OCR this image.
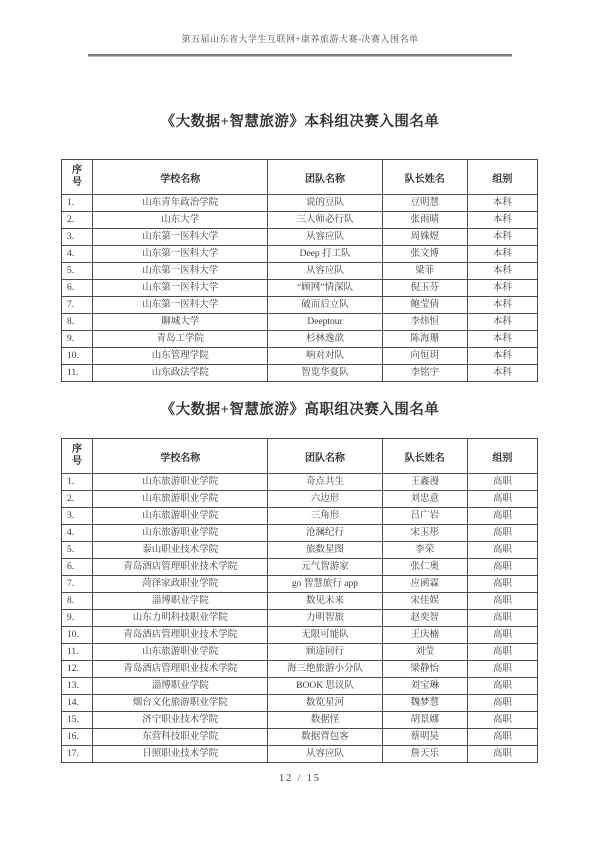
第五届山东省大学生互联网+康养旅游大赛-决赛入围名单
《大数据+智慧旅游》本科组决赛入围名单
序号	学校名称	团队名称	队长姓名	组别
1.	山东青年政治学院	说的豆队	豆明慧	本科
2.	山东大学	三人师必行队	张雨晴	本科
3.	山东第一医科大学	从容应队	周姝煜	本科
4.	山东第一医科大学	Deep 打工队	张文博	本科
5.	山东第一医科大学	从容应队	梁菲	本科
6.	山东第一医科大学	“顾网”情深队	倪玉芬	本科
7.	山东第一医科大学	破而后立队	鲍莹倩	本科
8.	聊城大学	Deeptour	李炜恒	本科
9.	青岛工学院	杉林逸歆	陈海珊	本科
10.	山东管理学院	响对对队	向恒玥	本科
11.	山东政法学院	智览华夏队	李铭宇	本科
《大数据+智慧旅游》高职组决赛入围名单
序号	学校名称	团队名称	队长姓名	组别
1.	山东旅游职业学院	奇点共生	王鑫漫	高职
2.	山东旅游职业学院	六边形	刘忠意	高职
3.	山东旅游职业学院	三角形	吕广岩	高职
4.	山东旅游职业学院	沧澜纪行	宋玉彤	高职
5.	泰山职业技术学院	旅数星图	李荣	高职
6.	青岛酒店管理职业技术学院	元气智游家	张仁奥	高职
7.	菏泽家政职业学院	go 智慧旅行 app	应函霖	高职
8.	淄博职业学院	数见未来	宋佳娱	高职
9.	山东力明科技职业学院	力明智旅	赵奕智	高职
10.	青岛酒店管理职业技术学院	无限可能队	王庆楠	高职
11.	山东旅游职业学院	顾途同行	刘莹	高职
12.	青岛酒店管理职业技术学院	海三绝旅游小分队	梁静怡	高职
13.	淄博职业学院	BOOK 思议队	刘宝琳	高职
14.	烟台文化旅游职业学院	数览星河	魏梦慧	高职
15.	济宁职业技术学院	数据怪	胡景娜	高职
16.	东营科技职业学院	数据背包客	蔡明昊	高职
17.	日照职业技术学院	从容应队	詹天乐	高职
12 / 15
